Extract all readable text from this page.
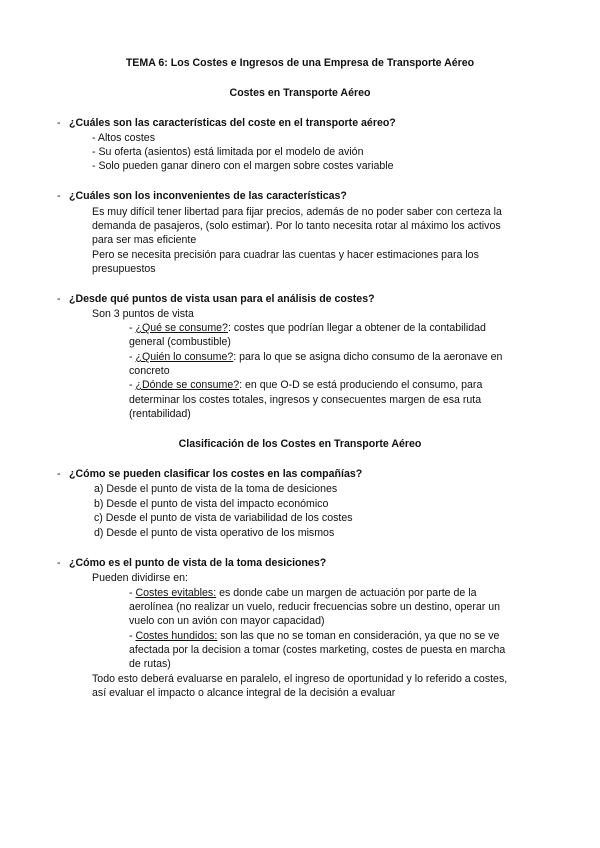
TEMA 6: Los Costes e Ingresos de una Empresa de Transporte Aéreo
Costes en Transporte Aéreo
- ¿Cuáles son las características del coste en el transporte aéreo?
- Altos costes
- Su oferta (asientos) está limitada por el modelo de avión
- Solo pueden ganar dinero con el margen sobre costes variable
- ¿Cuáles son los inconvenientes de las características?
Es muy difícil tener libertad para fijar precios, además de no poder saber con certeza la
demanda de pasajeros, (solo estimar). Por lo tanto necesita rotar al máximo los activos
para ser mas eficiente
Pero se necesita precisión para cuadrar las cuentas y hacer estimaciones para los
presupuestos
- ¿Desde qué puntos de vista usan para el análisis de costes?
Son 3 puntos de vista
- ¿Qué se consume?: costes que podrían llegar a obtener de la contabilidad
general (combustible)
- ¿Quién lo consume?: para lo que se asigna dicho consumo de la aeronave en
concreto
- ¿Dónde se consume?: en que O-D se está produciendo el consumo, para
determinar los costes totales, ingresos y consecuentes margen de esa ruta
(rentabilidad)
Clasificación de los Costes en Transporte Aéreo
- ¿Cómo se pueden clasificar los costes en las compañías?
a) Desde el punto de vista de la toma de desiciones
b) Desde el punto de vista del impacto económico
c) Desde el punto de vista de variabilidad de los costes
d) Desde el punto de vista operativo de los mismos
- ¿Cómo es el punto de vista de la toma desiciones?
Pueden dividirse en:
- Costes evitables: es donde cabe un margen de actuación por parte de la
aerolínea (no realizar un vuelo, reducir frecuencias sobre un destino, operar un
vuelo con un avión con mayor capacidad)
- Costes hundidos: son las que no se toman en consideración, ya que no se ve
afectada por la decision a tomar (costes marketing, costes de puesta en marcha
de rutas)
Todo esto deberá evaluarse en paralelo, el ingreso de oportunidad y lo referido a costes,
así evaluar el impacto o alcance integral de la decisión a evaluar
